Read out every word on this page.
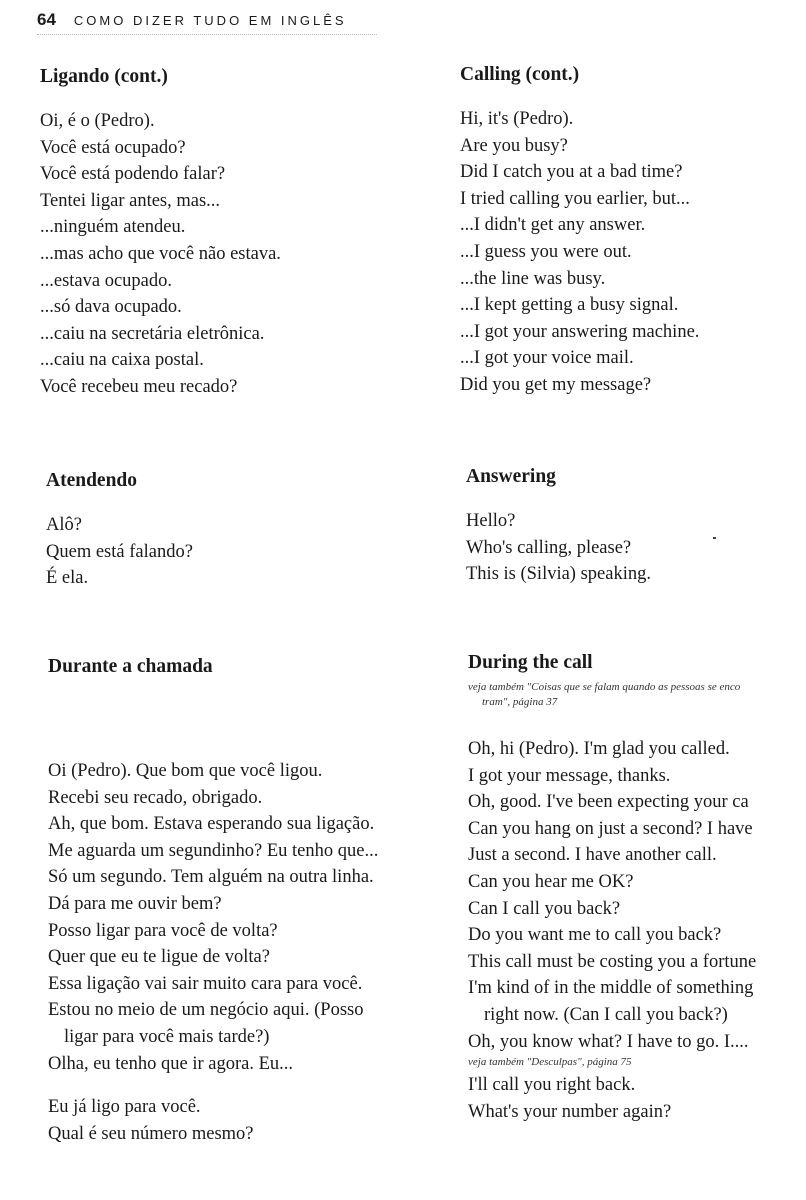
64 COMO DIZER TUDO EM INGLÊS
Ligando (cont.)
Oi, é o (Pedro).
Você está ocupado?
Você está podendo falar?
Tentei ligar antes, mas...
...ninguém atendeu.
...mas acho que você não estava.
...estava ocupado.
...só dava ocupado.
...caiu na secretária eletrônica.
...caiu na caixa postal.
Você recebeu meu recado?
Calling (cont.)
Hi, it's (Pedro).
Are you busy?
Did I catch you at a bad time?
I tried calling you earlier, but...
...I didn't get any answer.
...I guess you were out.
...the line was busy.
...I kept getting a busy signal.
...I got your answering machine.
...I got your voice mail.
Did you get my message?
Atendendo
Alô?
Quem está falando?
É ela.
Answering
Hello?
Who's calling, please?
This is (Silvia) speaking.
Durante a chamada
Oi (Pedro). Que bom que você ligou.
Recebi seu recado, obrigado.
Ah, que bom. Estava esperando sua ligação.
Me aguarda um segundinho? Eu tenho que...
Só um segundo. Tem alguém na outra linha.
Dá para me ouvir bem?
Posso ligar para você de volta?
Quer que eu te ligue de volta?
Essa ligação vai sair muito cara para você.
Estou no meio de um negócio aqui. (Posso
ligar para você mais tarde?)
Olha, eu tenho que ir agora. Eu...
Eu já ligo para você.
Qual é seu número mesmo?
During the call
veja também "Coisas que se falam quando as pessoas se enco
tram", página 37
Oh, hi (Pedro). I'm glad you called.
I got your message, thanks.
Oh, good. I've been expecting your ca
Can you hang on just a second? I have
Just a second. I have another call.
Can you hear me OK?
Can I call you back?
Do you want me to call you back?
This call must be costing you a fortune
I'm kind of in the middle of something
right now. (Can I call you back?)
Oh, you know what? I have to go. I....
veja também "Desculpas", página 75
I'll call you right back.
What's your number again?
